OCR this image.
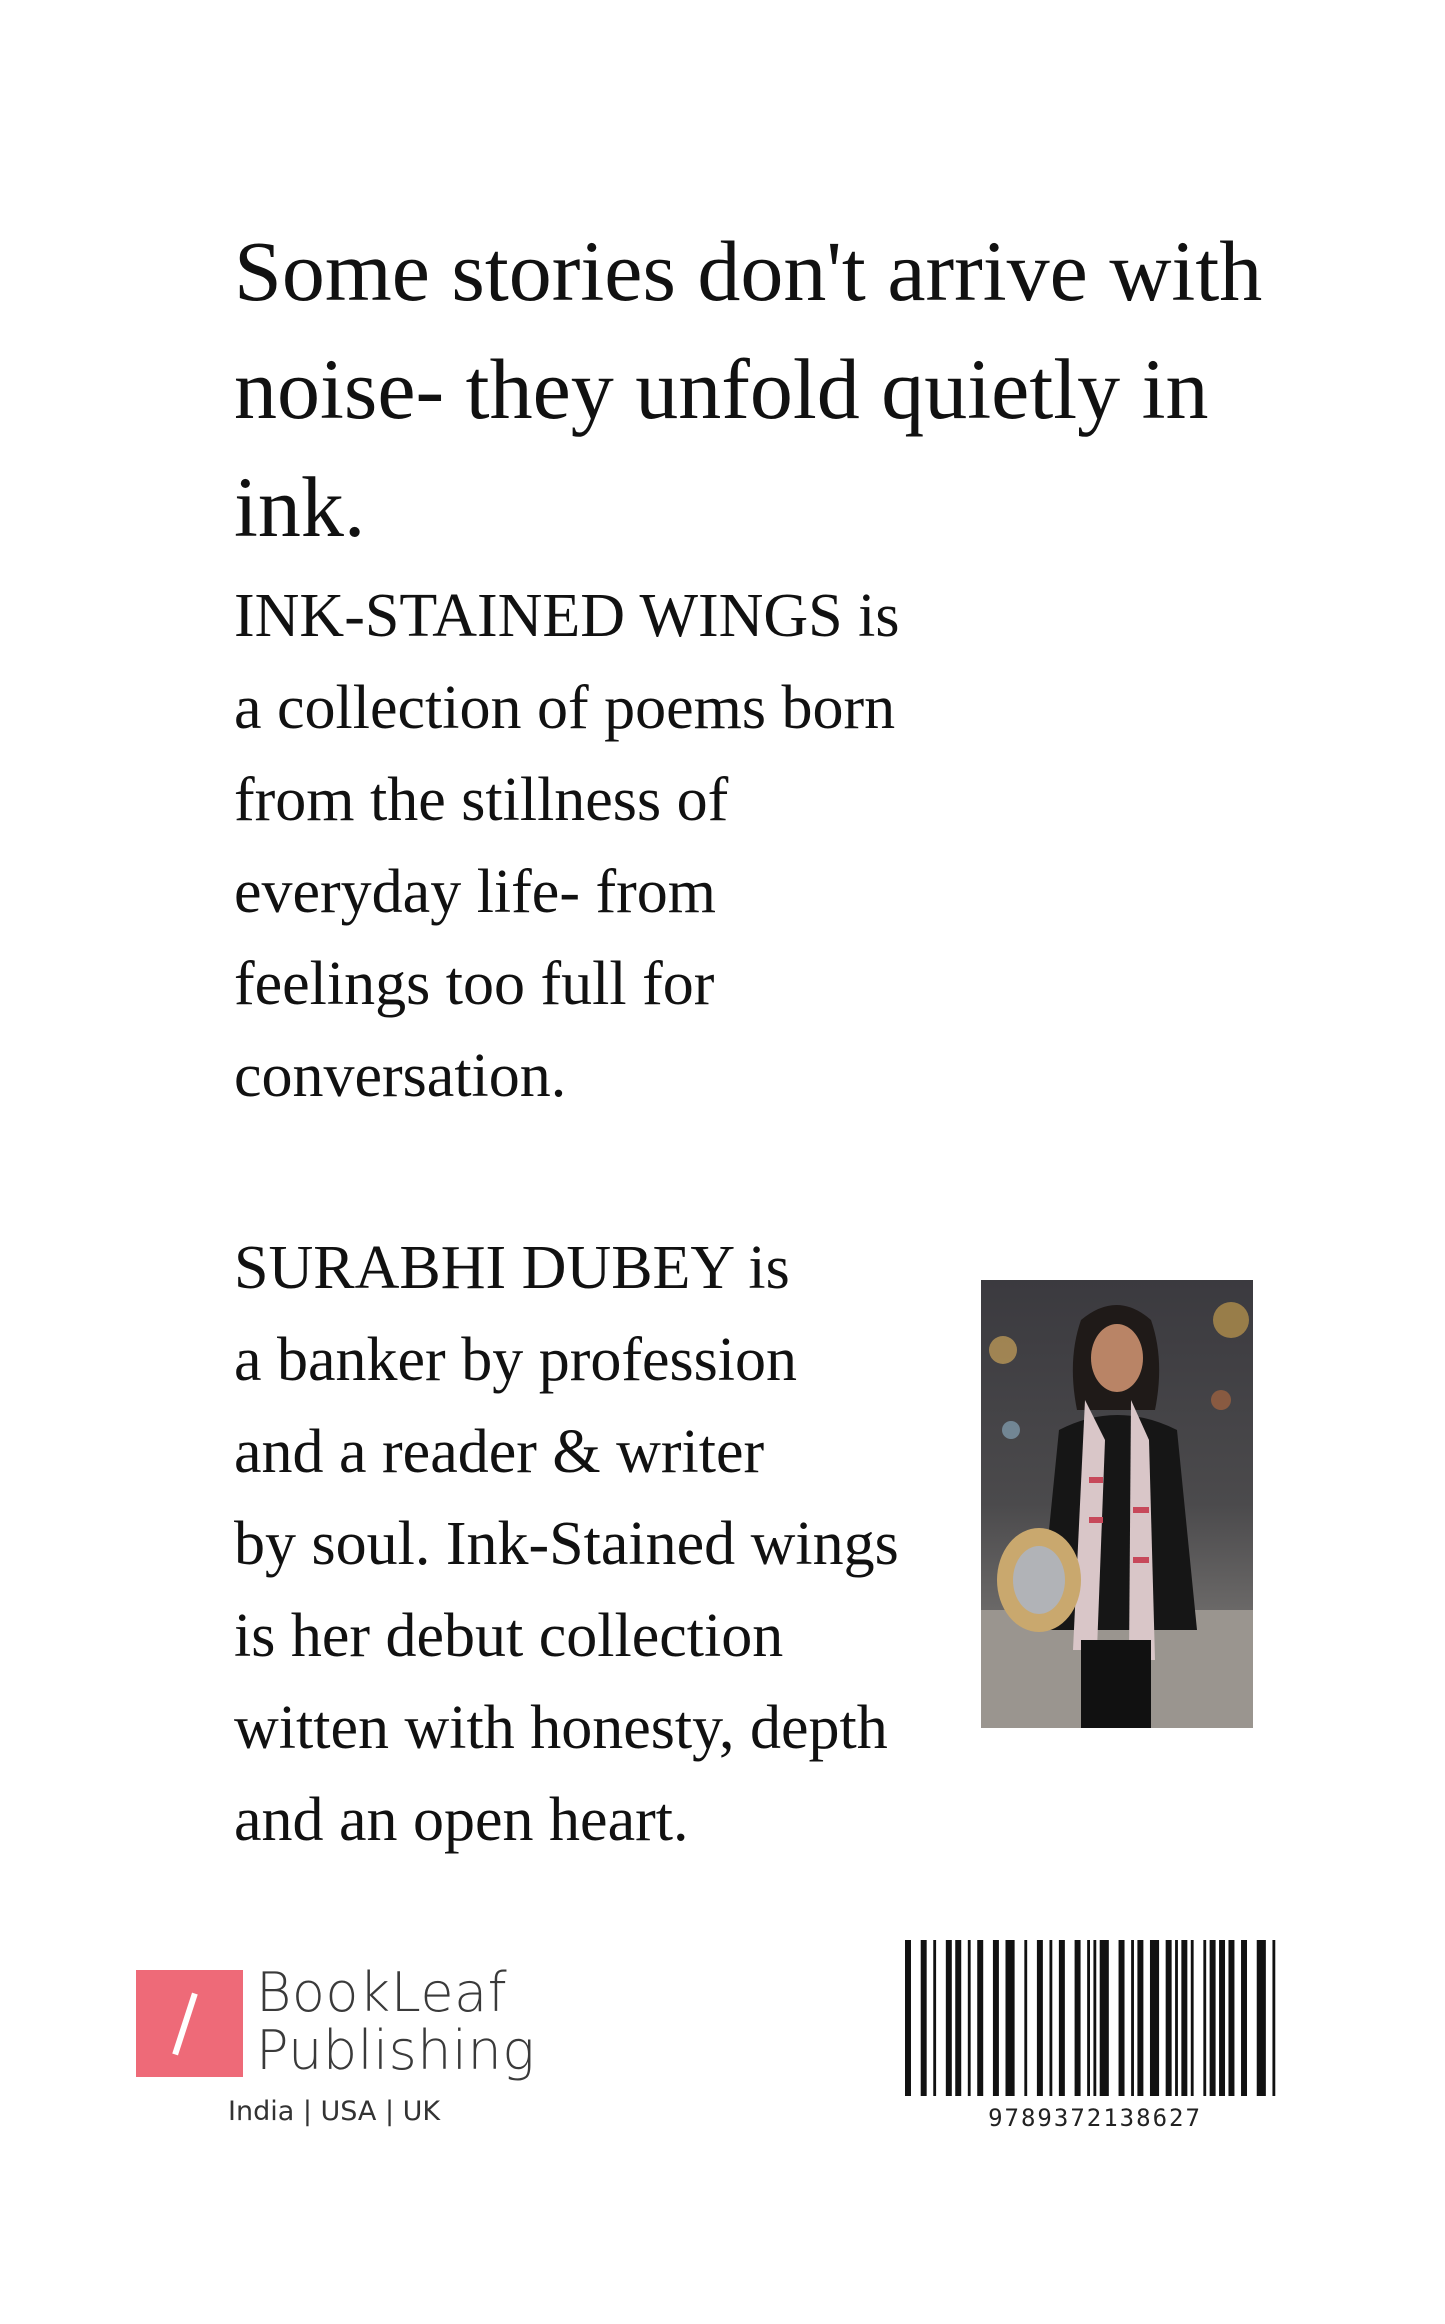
Some stories don't arrive with noise- they unfold quietly in ink.

INK-STAINED WINGS is
a collection of poems born
from the stillness of
everyday life- from
feelings too full for
conversation.

SURABHI DUBEY is
a banker by profession
and a reader & writer
by soul. Ink-Stained wings
is her debut collection
witten with honesty, depth
and an open heart.

BookLeaf
Publishing
India | USA | UK	9789372138627
